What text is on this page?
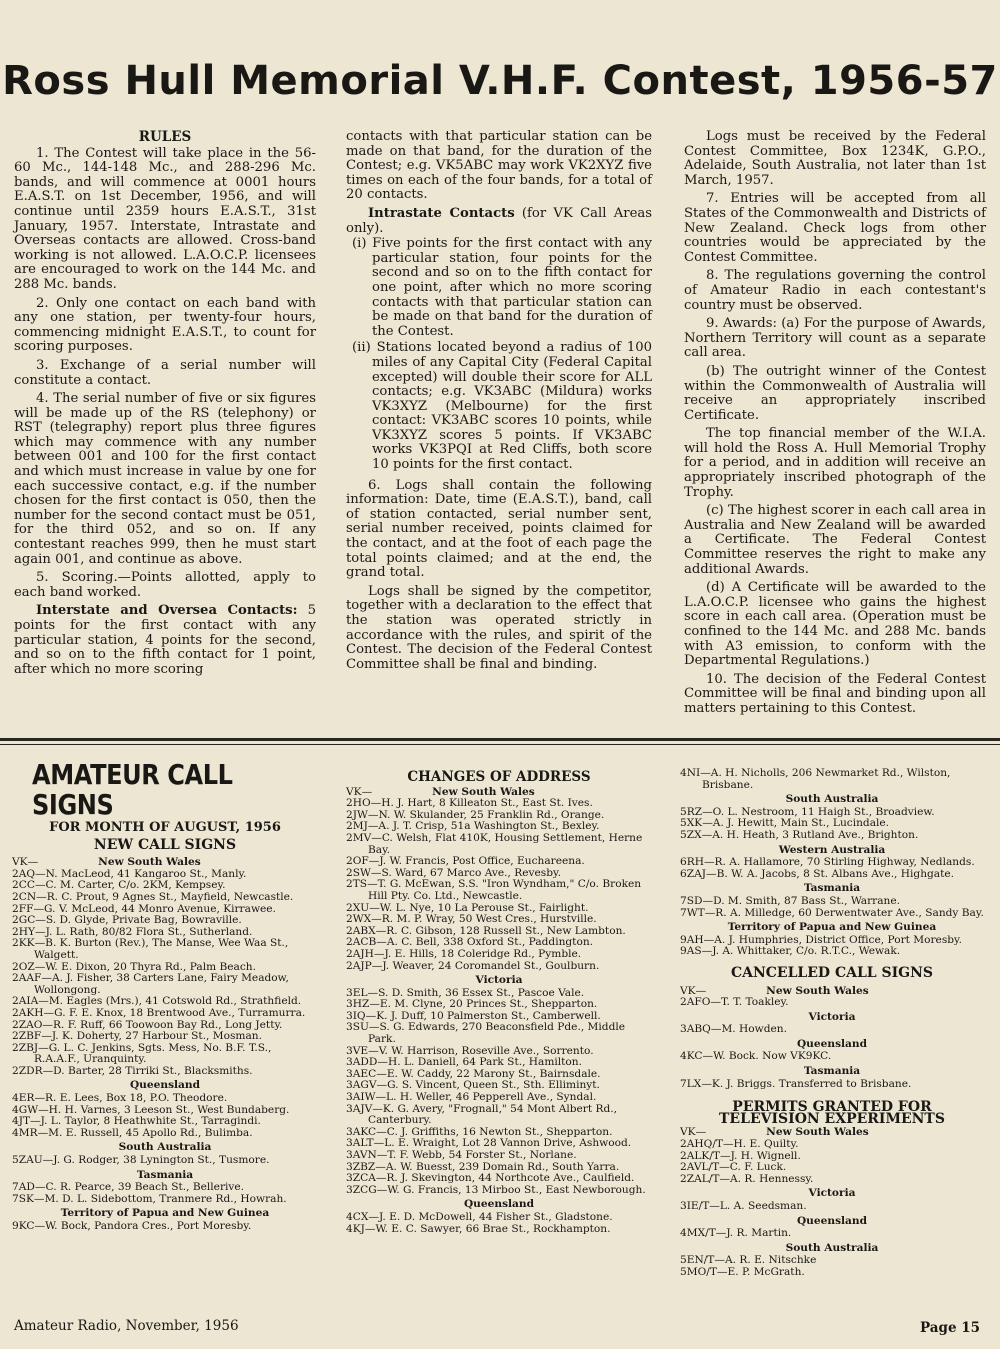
Ross Hull Memorial V.H.F. Contest, 1956-57
RULES

1. The Contest will take place in the 56-60 Mc., 144-148 Mc., and 288-296 Mc. bands, and will commence at 0001 hours E.A.S.T. on 1st December, 1956, and will continue until 2359 hours E.A.S.T., 31st January, 1957. Interstate, Intrastate and Overseas contacts are allowed. Cross-band working is not allowed. L.A.O.C.P. licensees are encouraged to work on the 144 Mc. and 288 Mc. bands.

2. Only one contact on each band with any one station, per twenty-four hours, commencing midnight E.A.S.T., to count for scoring purposes.

3. Exchange of a serial number will constitute a contact.

4. The serial number of five or six figures will be made up of the RS (telephony) or RST (telegraphy) report plus three figures which may commence with any number between 001 and 100 for the first contact and which must increase in value by one for each successive contact, e.g. if the number chosen for the first contact is 050, then the number for the second contact must be 051, for the third 052, and so on. If any contestant reaches 999, then he must start again 001, and continue as above.

5. Scoring.—Points allotted, apply to each band worked.

Interstate and Oversea Contacts: 5 points for the first contact with any particular station, 4 points for the second, and so on to the fifth contact for 1 point, after which no more scoring

contacts with that particular station can be made on that band, for the duration of the Contest; e.g. VK5ABC may work VK2XYZ five times on each of the four bands, for a total of 20 contacts.

Intrastate Contacts (for VK Call Areas only).

(i) Five points for the first contact with any particular station, four points for the second and so on to the fifth contact for one point, after which no more scoring contacts with that particular station can be made on that band for the duration of the Contest.

(ii) Stations located beyond a radius of 100 miles of any Capital City (Federal Capital excepted) will double their score for ALL contacts; e.g. VK3ABC (Mildura) works VK3XYZ (Melbourne) for the first contact: VK3ABC scores 10 points, while VK3XYZ scores 5 points. If VK3ABC works VK3PQI at Red Cliffs, both score 10 points for the first contact.

6. Logs shall contain the following information: Date, time (E.A.S.T.), band, call of station contacted, serial number sent, serial number received, points claimed for the contact, and at the foot of each page the total points claimed; and at the end, the grand total.

Logs shall be signed by the competitor, together with a declaration to the effect that the station was operated strictly in accordance with the rules, and spirit of the Contest. The decision of the Federal Contest Committee shall be final and binding.

Logs must be received by the Federal Contest Committee, Box 1234K, G.P.O., Adelaide, South Australia, not later than 1st March, 1957.

7. Entries will be accepted from all States of the Commonwealth and Districts of New Zealand. Check logs from other countries would be appreciated by the Contest Committee.

8. The regulations governing the control of Amateur Radio in each contestant's country must be observed.

9. Awards: (a) For the purpose of Awards, Northern Territory will count as a separate call area.

(b) The outright winner of the Contest within the Commonwealth of Australia will receive an appropriately inscribed Certificate.

The top financial member of the W.I.A. will hold the Ross A. Hull Memorial Trophy for a period, and in addition will receive an appropriately inscribed photograph of the Trophy.

(c) The highest scorer in each call area in Australia and New Zealand will be awarded a Certificate. The Federal Contest Committee reserves the right to make any additional Awards.

(d) A Certificate will be awarded to the L.A.O.C.P. licensee who gains the highest score in each call area. (Operation must be confined to the 144 Mc. and 288 Mc. bands with A3 emission, to conform with the Departmental Regulations.)

10. The decision of the Federal Contest Committee will be final and binding upon all matters pertaining to this Contest.

AMATEUR CALL SIGNS
FOR MONTH OF AUGUST, 1956
NEW CALL SIGNS

VK—	New South Wales

2AQ—N. MacLeod, 41 Kangaroo St., Manly.

2CC—C. M. Carter, C/o. 2KM, Kempsey.

2CN—R. C. Prout, 9 Agnes St., Mayfield, Newcastle.

2FF—G. V. McLeod, 44 Monro Avenue, Kirrawee.

2GC—S. D. Glyde, Private Bag, Bowraville.

2HY—J. L. Rath, 80/82 Flora St., Sutherland.

2KK—B. K. Burton (Rev.), The Manse, Wee Waa St., Walgett.

2OZ—W. E. Dixon, 20 Thyra Rd., Palm Beach.

2AAF—A. J. Fisher, 38 Carters Lane, Fairy Meadow, Wollongong.

2AIA—M. Eagles (Mrs.), 41 Cotswold Rd., Strathfield.

2AKH—G. F. E. Knox, 18 Brentwood Ave., Turramurra.

2ZAO—R. F. Ruff, 66 Toowoon Bay Rd., Long Jetty.

2ZBF—J. K. Doherty, 27 Harbour St., Mosman.

2ZBJ—G. L. C. Jenkins, Sgts. Mess, No. B.F. T.S., R.A.A.F., Uranquinty.

2ZDR—D. Barter, 28 Tirriki St., Blacksmiths.

Queensland

4ER—R. E. Lees, Box 18, P.O. Theodore.

4GW—H. H. Varnes, 3 Leeson St., West Bundaberg.

4JT—J. L. Taylor, 8 Heathwhite St., Tarragindi.

4MR—M. E. Russell, 45 Apollo Rd., Bulimba.

South Australia

5ZAU—J. G. Rodger, 38 Lynington St., Tusmore.

Tasmania

7AD—C. R. Pearce, 39 Beach St., Bellerive.

7SK—M. D. L. Sidebottom, Tranmere Rd., Howrah.

Territory of Papua and New Guinea

9KC—W. Bock, Pandora Cres., Port Moresby.

CHANGES OF ADDRESS

VK—	New South Wales

2HO—H. J. Hart, 8 Killeaton St., East St. Ives.

2JW—N. W. Skulander, 25 Franklin Rd., Orange.

2MJ—A. J. T. Crisp, 51a Washington St., Bexley.

2MV—C. Welsh, Flat 410K, Housing Settlement, Herne Bay.

2OF—J. W. Francis, Post Office, Euchareena.

2SW—S. Ward, 67 Marco Ave., Revesby.

2TS—T. G. McEwan, S.S. "Iron Wyndham," C/o. Broken Hill Pty. Co. Ltd., Newcastle.

2XU—W. L. Nye, 10 La Perouse St., Fairlight.

2WX—R. M. P. Wray, 50 West Cres., Hurstville.

2ABX—R. C. Gibson, 128 Russell St., New Lambton.

2ACB—A. C. Bell, 338 Oxford St., Paddington.

2AJH—J. E. Hills, 18 Coleridge Rd., Pymble.

2AJP—J. Weaver, 24 Coromandel St., Goulburn.

Victoria

3EL—S. D. Smith, 36 Essex St., Pascoe Vale.

3HZ—E. M. Clyne, 20 Princes St., Shepparton.

3IQ—K. J. Duff, 10 Palmerston St., Camberwell.

3SU—S. G. Edwards, 270 Beaconsfield Pde., Middle Park.

3VE—V. W. Harrison, Roseville Ave., Sorrento.

3ADD—H. L. Daniell, 64 Park St., Hamilton.

3AEC—E. W. Caddy, 22 Marony St., Bairnsdale.

3AGV—G. S. Vincent, Queen St., Sth. Elliminyt.

3AIW—L. H. Weller, 46 Pepperell Ave., Syndal.

3AJV—K. G. Avery, "Frognall," 54 Mont Albert Rd., Canterbury.

3AKC—C. J. Griffiths, 16 Newton St., Shepparton.

3ALT—L. E. Wraight, Lot 28 Vannon Drive, Ashwood.

3AVN—T. F. Webb, 54 Forster St., Norlane.

3ZBZ—A. W. Buesst, 239 Domain Rd., South Yarra.

3ZCA—R. J. Skevington, 44 Northcote Ave., Caulfield.

3ZCG—W. G. Francis, 13 Mirboo St., East Newborough.

Queensland

4CX—J. E. D. McDowell, 44 Fisher St., Gladstone.

4KJ—W. E. C. Sawyer, 66 Brae St., Rockhampton.

4NI—A. H. Nicholls, 206 Newmarket Rd., Wilston, Brisbane.

South Australia

5RZ—O. L. Nestroom, 11 Haigh St., Broadview.

5XK—A. J. Hewitt, Main St., Lucindale.

5ZX—A. H. Heath, 3 Rutland Ave., Brighton.

Western Australia

6RH—R. A. Hallamore, 70 Stirling Highway, Nedlands.

6ZAJ—B. W. A. Jacobs, 8 St. Albans Ave., Highgate.

Tasmania

7SD—D. M. Smith, 87 Bass St., Warrane.

7WT—R. A. Milledge, 60 Derwentwater Ave., Sandy Bay.

Territory of Papua and New Guinea

9AH—A. J. Humphries, District Office, Port Moresby.

9AS—J. A. Whittaker, C/o. R.T.C., Wewak.

CANCELLED CALL SIGNS

VK—	New South Wales

2AFO—T. T. Toakley.

Victoria

3ABQ—M. Howden.

Queensland

4KC—W. Bock. Now VK9KC.

Tasmania

7LX—K. J. Briggs. Transferred to Brisbane.

PERMITS GRANTED FOR
TELEVISION EXPERIMENTS

VK—	New South Wales

2AHQ/T—H. E. Quilty.

2ALK/T—J. H. Wignell.

2AVL/T—C. F. Luck.

2ZAL/T—A. R. Hennessy.

Victoria

3IE/T—L. A. Seedsman.

Queensland

4MX/T—J. R. Martin.

South Australia

5EN/T—A. R. E. Nitschke

5MO/T—E. P. McGrath.

Amateur Radio, November, 1956	Page 15
